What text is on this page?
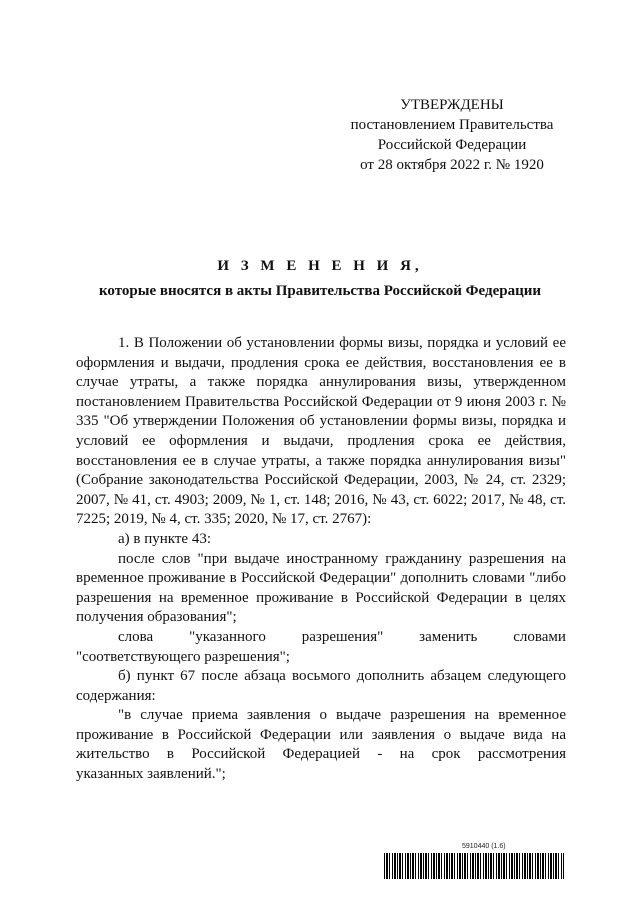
УТВЕРЖДЕНЫ
постановлением Правительства
Российской Федерации
от 28 октября 2022 г. № 1920
И З М Е Н Е Н И Я,
которые вносятся в акты Правительства Российской Федерации

1. В Положении об установлении формы визы, порядка и условий ее оформления и выдачи, продления срока ее действия, восстановления ее в случае утраты, а также порядка аннулирования визы, утвержденном постановлением Правительства Российской Федерации от 9 июня 2003 г. № 335 "Об утверждении Положения об установлении формы визы, порядка и условий ее оформления и выдачи, продления срока ее действия, восстановления ее в случае утраты, а также порядка аннулирования визы" (Собрание законодательства Российской Федерации, 2003, № 24, ст. 2329; 2007, № 41, ст. 4903; 2009, № 1, ст. 148; 2016, № 43, ст. 6022; 2017, № 48, ст. 7225; 2019, № 4, ст. 335; 2020, № 17, ст. 2767):

а) в пункте 43:

после слов "при выдаче иностранному гражданину разрешения на временное проживание в Российской Федерации" дополнить словами "либо разрешения на временное проживание в Российской Федерации в целях получения образования";

слова "указанного разрешения" заменить словами

"соответствующего разрешения";

б) пункт 67 после абзаца восьмого дополнить абзацем следующего содержания:

"в случае приема заявления о выдаче разрешения на временное проживание в Российской Федерации или заявления о выдаче вида на жительство в Российской Федерацией - на срок рассмотрения

указанных заявлений.";

5910440 (1.6)
